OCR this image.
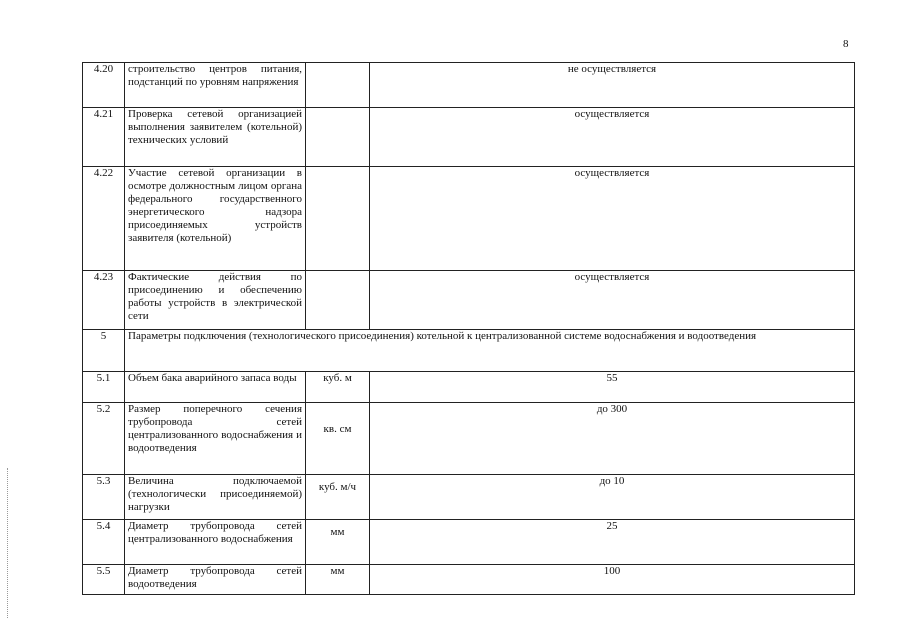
8
4.20	строительство центров питания, подстанций по уровням напряжения		не осуществляется
4.21	Проверка сетевой организацией выполнения заявителем (котельной) технических условий		осуществляется
4.22	Участие сетевой организации в осмотре должностным лицом органа федерального государственного энергетического надзора присоединяемых устройств заявителя (котельной)		осуществляется
4.23	Фактические действия по присоединению и обеспечению работы устройств в электрической сети		осуществляется
5	Параметры подключения (технологического присоединения) котельной к централизованной системе водоснабжения и водоотведения		
5.1	Объем бака аварийного запаса воды	куб. м	55
5.2	Размер поперечного сечения трубопровода сетей централизованного водоснабжения и водоотведения	кв. см	до 300
5.3	Величина подключаемой (технологически присоединяемой) нагрузки	куб. м/ч	до 10
5.4	Диаметр трубопровода сетей централизованного водоснабжения	мм	25
5.5	Диаметр трубопровода сетей водоотведения	мм	100
